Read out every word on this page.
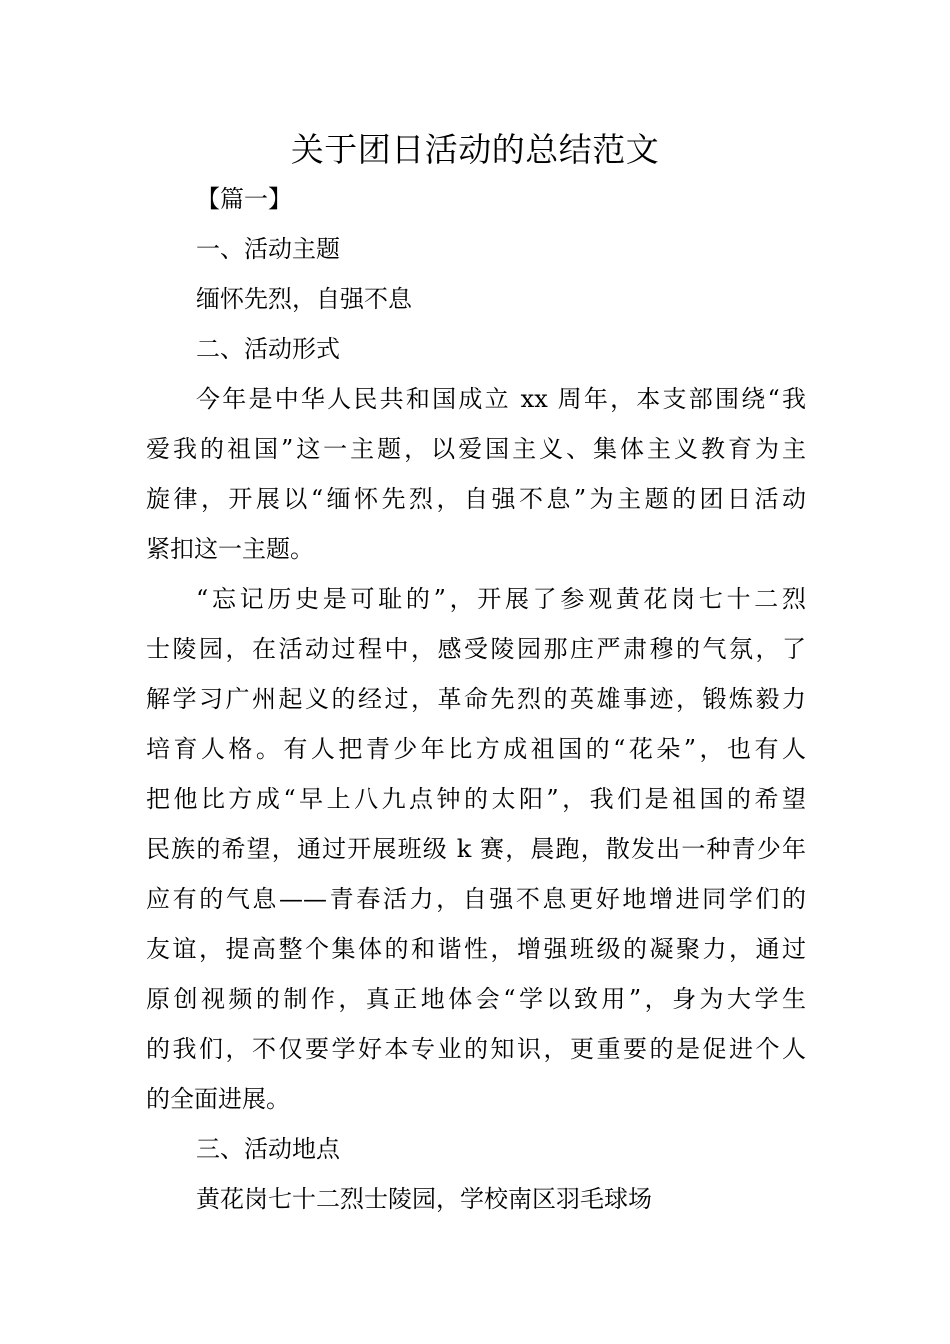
关于团日活动的总结范文
【篇一】
一、活动主题
缅怀先烈，自强不息
二、活动形式
今年是中华人民共和国成立 xx 周年，本支部围绕“我
爱我的祖国”这一主题，以爱国主义、集体主义教育为主
旋律，开展以“缅怀先烈，自强不息”为主题的团日活动
紧扣这一主题。
“忘记历史是可耻的”，开展了参观黄花岗七十二烈
士陵园，在活动过程中，感受陵园那庄严肃穆的气氛，了
解学习广州起义的经过，革命先烈的英雄事迹，锻炼毅力
培育人格。有人把青少年比方成祖国的“花朵”，也有人
把他比方成“早上八九点钟的太阳”，我们是祖国的希望
民族的希望，通过开展班级 k 赛，晨跑，散发出一种青少年
应有的气息——青春活力，自强不息更好地增进同学们的
友谊，提高整个集体的和谐性，增强班级的凝聚力，通过
原创视频的制作，真正地体会“学以致用”，身为大学生
的我们，不仅要学好本专业的知识，更重要的是促进个人
的全面进展。
三、活动地点
黄花岗七十二烈士陵园，学校南区羽毛球场
